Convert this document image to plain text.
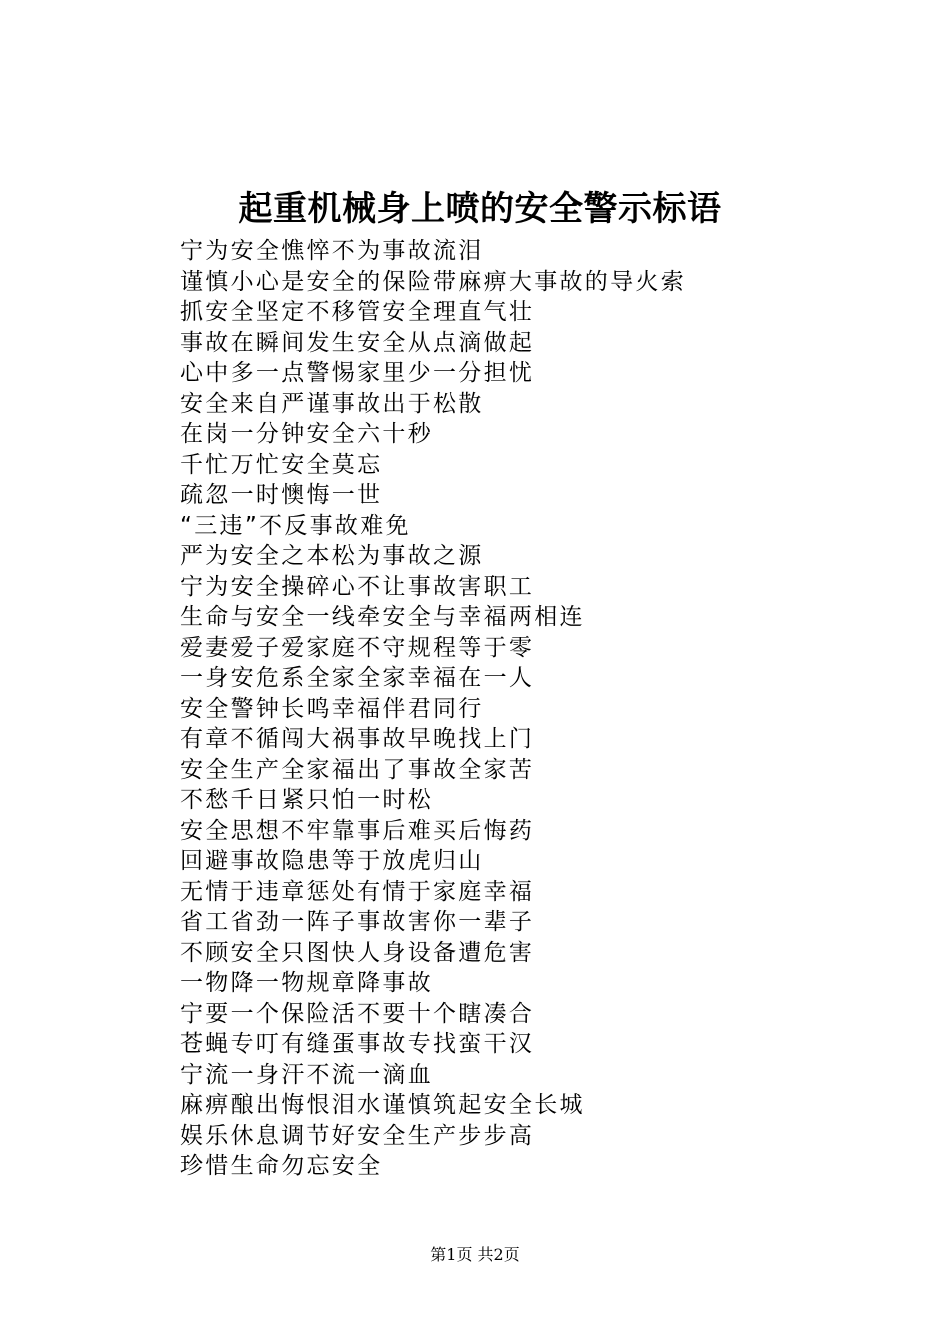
起重机械身上喷的安全警示标语
宁为安全憔悴不为事故流泪
谨慎小心是安全的保险带麻痹大事故的导火索
抓安全坚定不移管安全理直气壮
事故在瞬间发生安全从点滴做起
心中多一点警惕家里少一分担忧
安全来自严谨事故出于松散
在岗一分钟安全六十秒
千忙万忙安全莫忘
疏忽一时懊悔一世
“三违”不反事故难免
严为安全之本松为事故之源
宁为安全操碎心不让事故害职工
生命与安全一线牵安全与幸福两相连
爱妻爱子爱家庭不守规程等于零
一身安危系全家全家幸福在一人
安全警钟长鸣幸福伴君同行
有章不循闯大祸事故早晚找上门
安全生产全家福出了事故全家苦
不愁千日紧只怕一时松
安全思想不牢靠事后难买后悔药
回避事故隐患等于放虎归山
无情于违章惩处有情于家庭幸福
省工省劲一阵子事故害你一辈子
不顾安全只图快人身设备遭危害
一物降一物规章降事故
宁要一个保险活不要十个瞎凑合
苍蝇专叮有缝蛋事故专找蛮干汉
宁流一身汗不流一滴血
麻痹酿出悔恨泪水谨慎筑起安全长城
娱乐休息调节好安全生产步步高
珍惜生命勿忘安全
第1页 共2页
